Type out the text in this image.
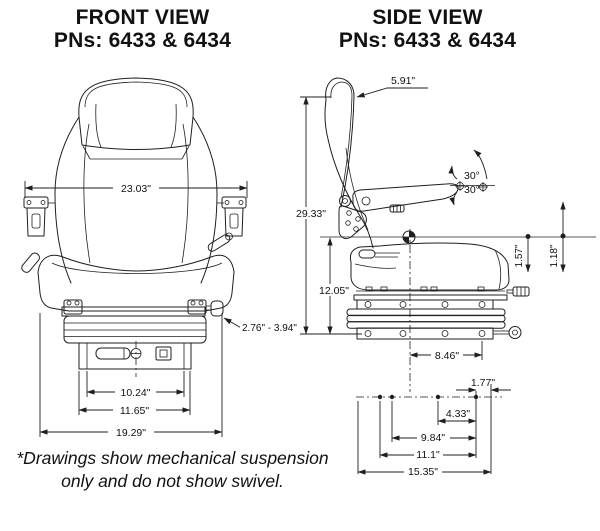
FRONT VIEW
PNs: 6433 & 6434
SIDE VIEW
PNs: 6433 & 6434
23.03"
2.76" - 3.94"
10.24"
11.65"
19.29"
30°
30°
1.57" 1.18"
29.33"
12.05"
5.91"
8.46"
1.77"
4.33"
9.84"
11.1"
15.35"
*Drawings show mechanical suspension
only and do not show swivel.
